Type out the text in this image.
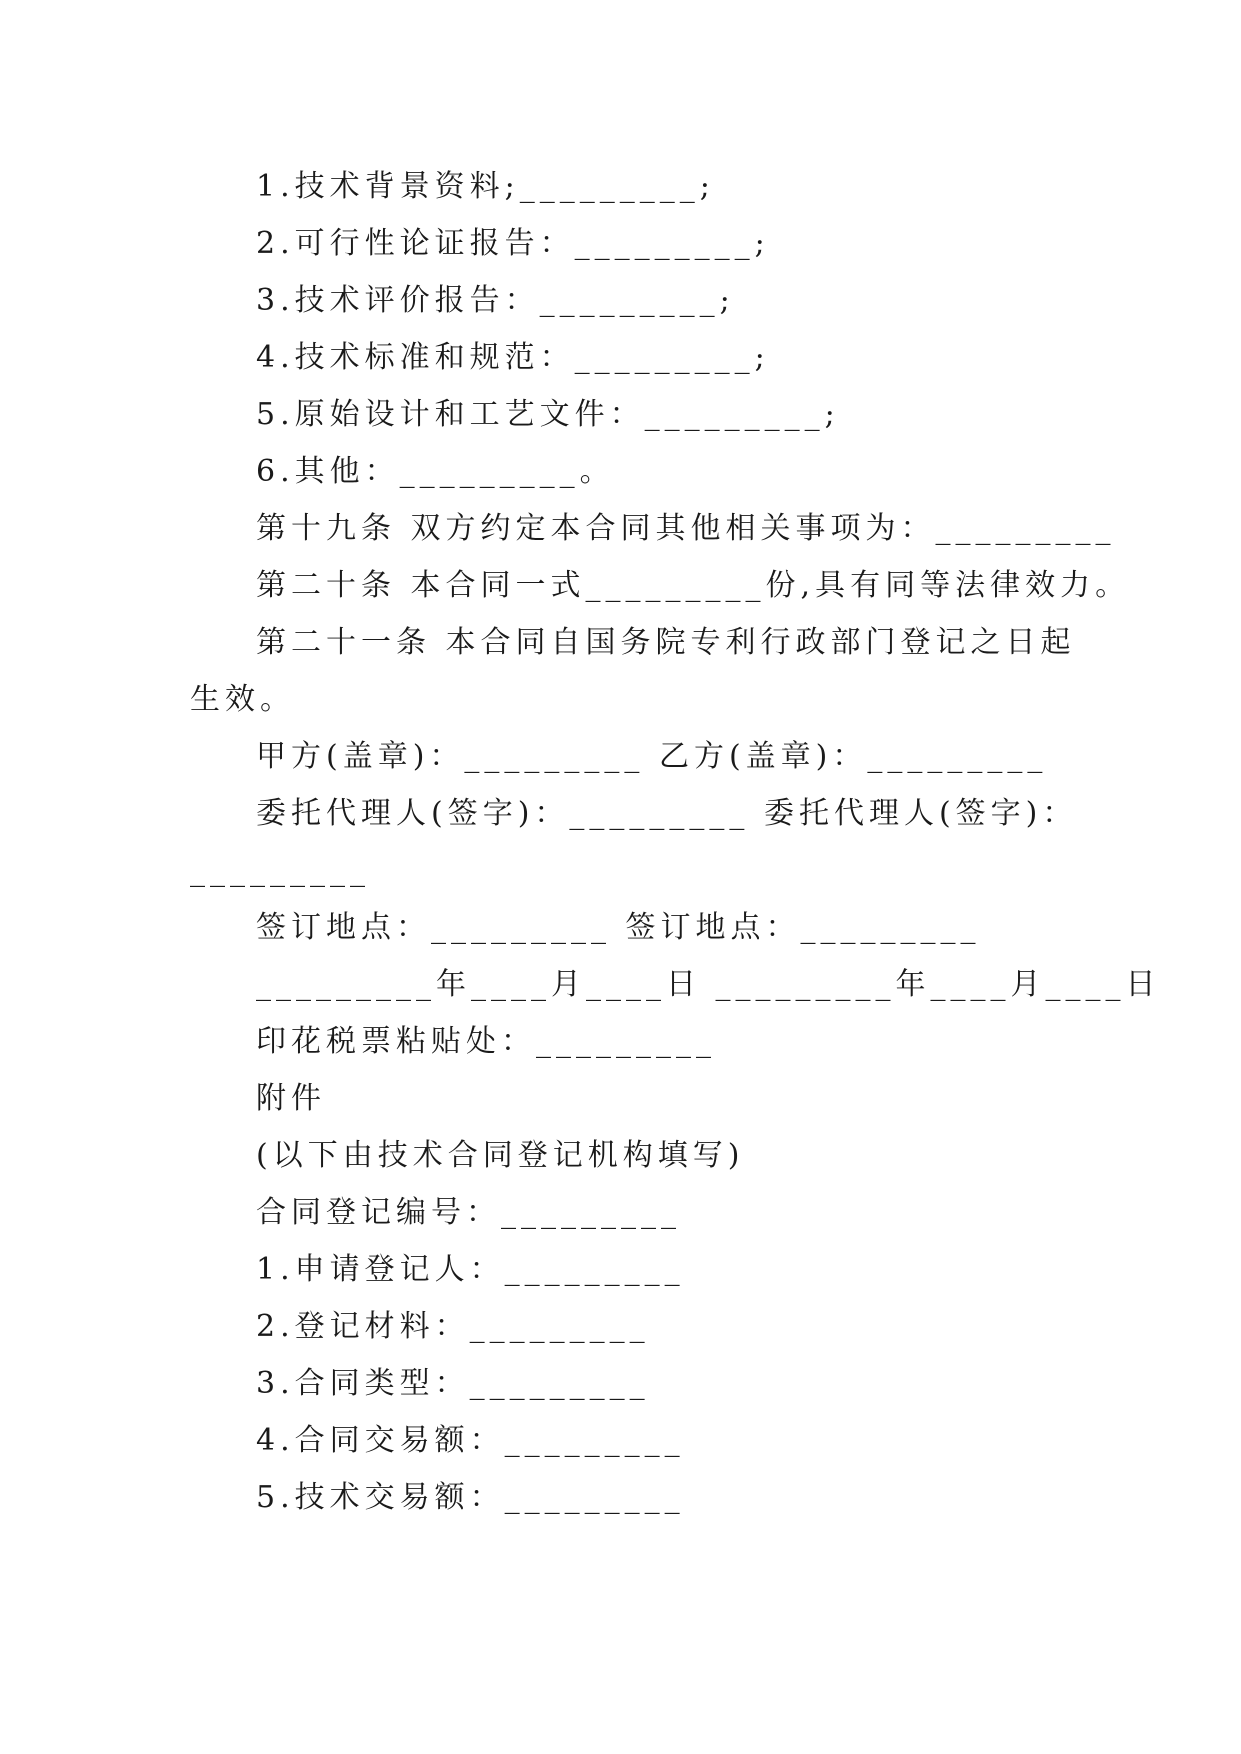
1.技术背景资料;_________;
2.可行性论证报告：_________;
3.技术评价报告：_________;
4.技术标准和规范：_________;
5.原始设计和工艺文件：_________;
6.其他：_________。
第十九条 双方约定本合同其他相关事项为：_________
第二十条 本合同一式_________份,具有同等法律效力。
第二十一条 本合同自国务院专利行政部门登记之日起
生效。
甲方(盖章)：_________ 乙方(盖章)：_________
委托代理人(签字)：_________ 委托代理人(签字)：
_________
签订地点：_________ 签订地点：_________
_________年____月____日 _________年____月____日
印花税票粘贴处：_________
附件
(以下由技术合同登记机构填写)
合同登记编号：_________
1.申请登记人：_________
2.登记材料：_________
3.合同类型：_________
4.合同交易额：_________
5.技术交易额：_________
